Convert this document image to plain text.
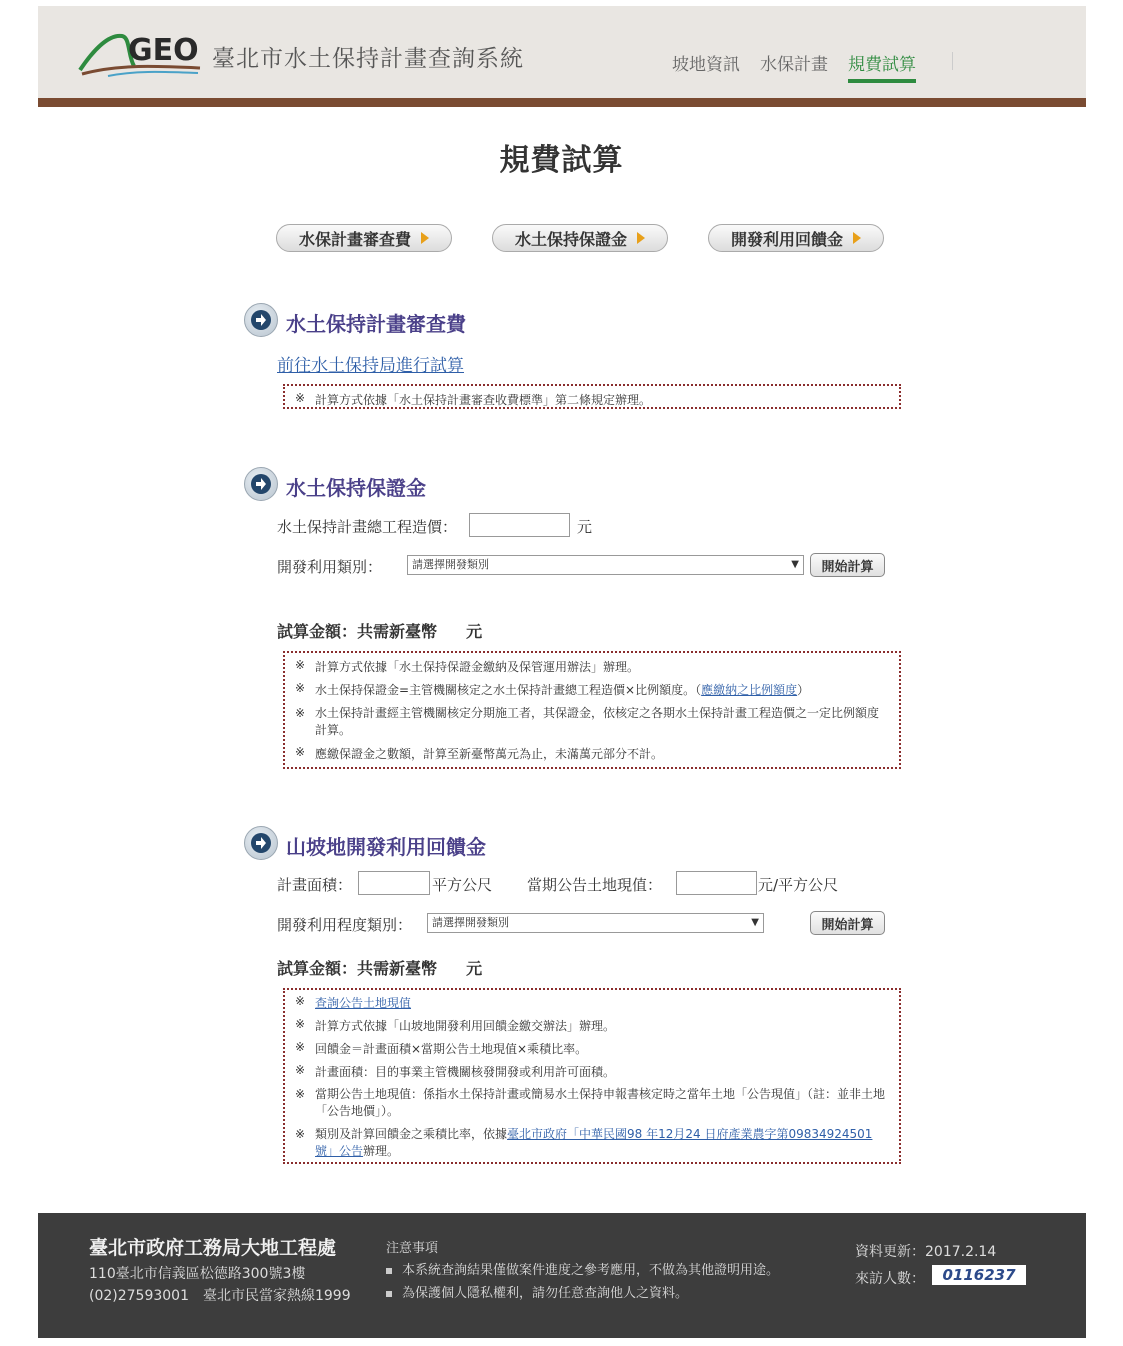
GEO 臺北市水土保持計畫查詢系統	坡地資訊 水保計畫 規費試算
規費試算
水保計畫審查費	水土保持保證金	開發利用回饋金
水土保持計畫審查費
前往水土保持局進行試算
※ 計算方式依據「水土保持計畫審查收費標準」第二條規定辦理。
水土保持保證金
水土保持計畫總工程造價：	元
開發利用類別：	請選擇開發類別	▼	開始計算
試算金額：共需新臺幣 元
※ 計算方式依據「水土保持保證金繳納及保管運用辦法」辦理。
※ 水土保持保證金=主管機關核定之水土保持計畫總工程造價×比例額度。（應繳納之比例額度）
※ 水土保持計畫經主管機關核定分期施工者，其保證金，依核定之各期水土保持計畫工程造價之一定比例額度計算。
※ 應繳保證金之數額，計算至新臺幣萬元為止，未滿萬元部分不計。
山坡地開發利用回饋金
計畫面積：	平方公尺 當期公告土地現值：	元/平方公尺
開發利用程度類別：	請選擇開發類別	▼	開始計算
試算金額：共需新臺幣 元
※ 查詢公告土地現值
※ 計算方式依據「山坡地開發利用回饋金繳交辦法」辦理。
※ 回饋金＝計畫面積×當期公告土地現值×乘積比率。
※ 計畫面積：目的事業主管機關核發開發或利用許可面積。
※ 當期公告土地現值：係指水土保持計畫或簡易水土保持申報書核定時之當年土地「公告現值」（註：並非土地「公告地價」）。
※ 類別及計算回饋金之乘積比率，依據臺北市政府「中華民國98 年12月24 日府產業農字第09834924501 號」公告辦理。
臺北市政府工務局大地工程處
110臺北市信義區松德路300號3樓
(02)27593001　臺北市民當家熱線1999
注意事項
本系統查詢結果僅做案件進度之參考應用，不做為其他證明用途。
為保護個人隱私權利，請勿任意查詢他人之資料。
資料更新：2017.2.14
來訪人數：	0116237
